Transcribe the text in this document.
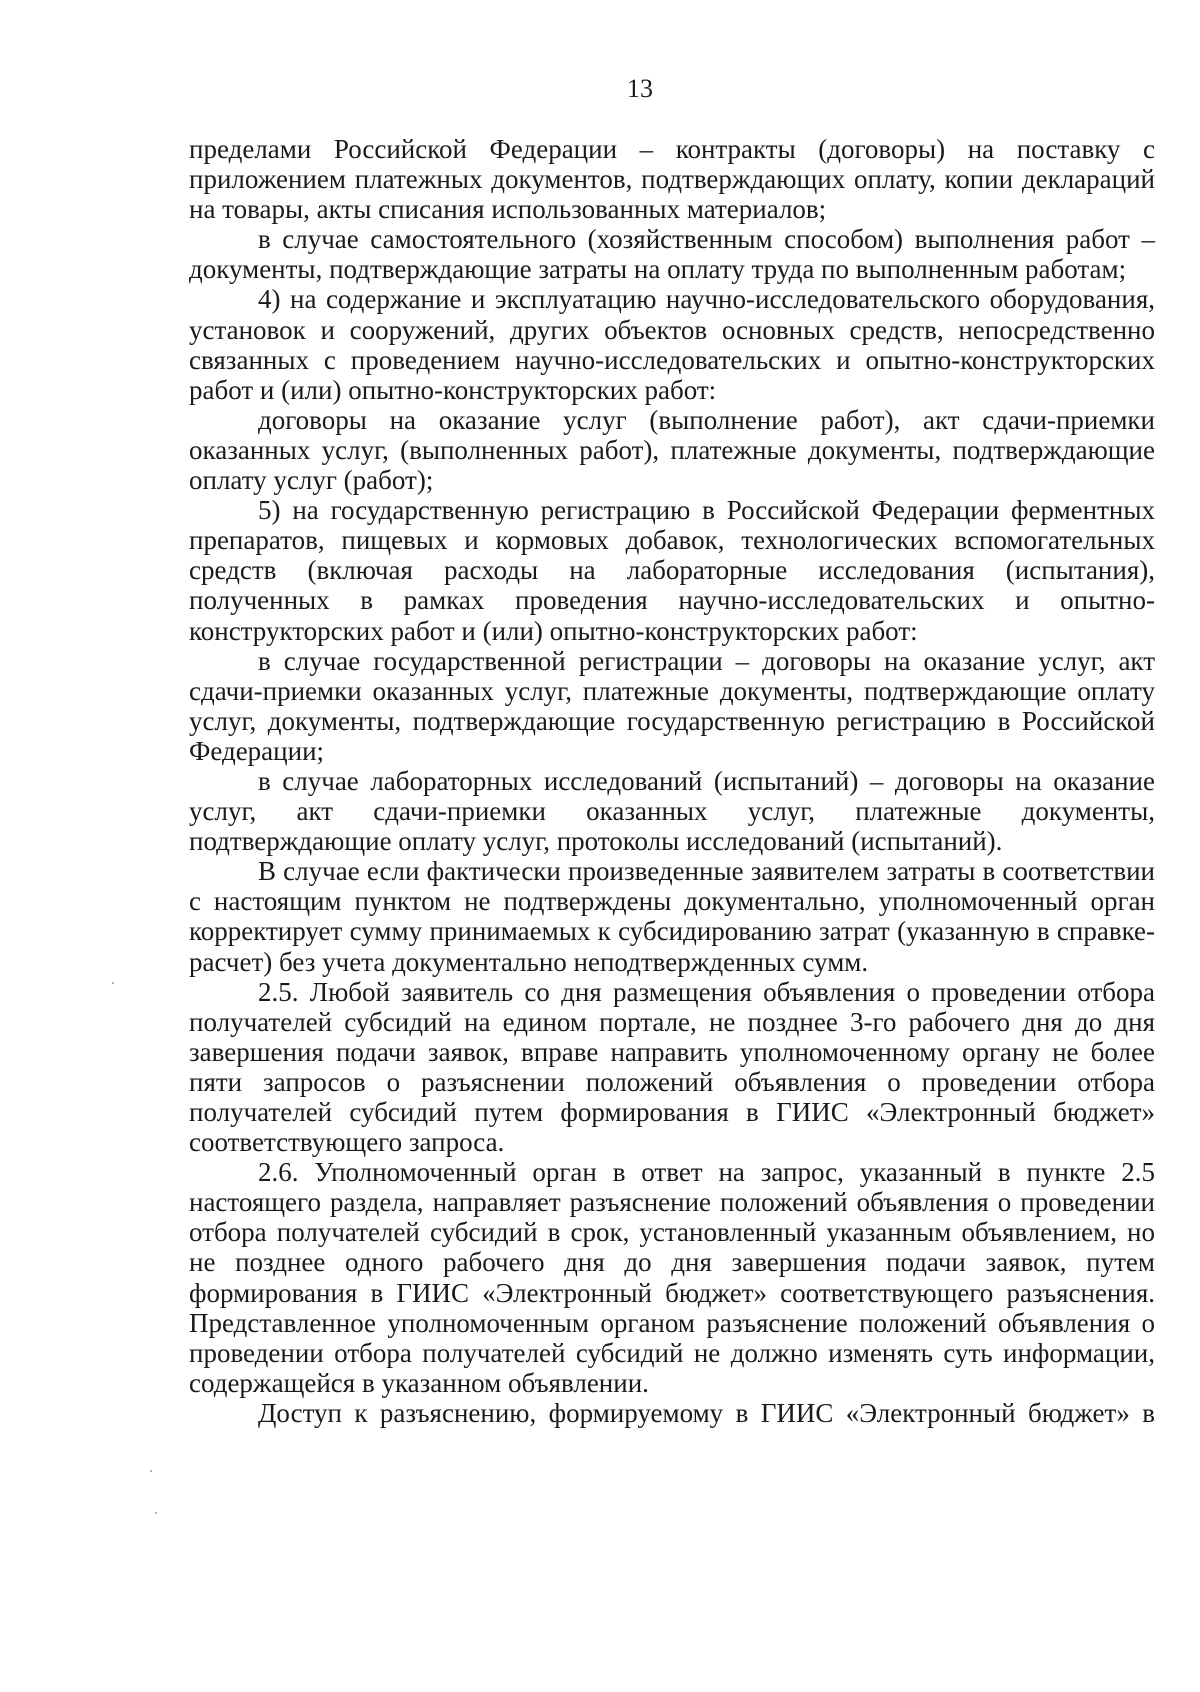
13

пределами Российской Федерации – контракты (договоры) на поставку с приложением платежных документов, подтверждающих оплату, копии деклараций на товары, акты списания использованных материалов;

в случае самостоятельного (хозяйственным способом) выполнения работ – документы, подтверждающие затраты на оплату труда по выполненным работам;

4) на содержание и эксплуатацию научно-исследовательского оборудования, установок и сооружений, других объектов основных средств, непосредственно связанных с проведением научно-исследовательских и опытно-конструкторских работ и (или) опытно-конструкторских работ:

договоры на оказание услуг (выполнение работ), акт сдачи-приемки оказанных услуг, (выполненных работ), платежные документы, подтверждающие оплату услуг (работ);

5) на государственную регистрацию в Российской Федерации ферментных препаратов, пищевых и кормовых добавок, технологических вспомогательных средств (включая расходы на лабораторные исследования (испытания), полученных в рамках проведения научно-исследовательских и опытно-конструкторских работ и (или) опытно-конструкторских работ:

в случае государственной регистрации – договоры на оказание услуг, акт сдачи-приемки оказанных услуг, платежные документы, подтверждающие оплату услуг, документы, подтверждающие государственную регистрацию в Российской Федерации;

в случае лабораторных исследований (испытаний) – договоры на оказание услуг, акт сдачи-приемки оказанных услуг, платежные документы, подтверждающие оплату услуг, протоколы исследований (испытаний).

В случае если фактически произведенные заявителем затраты в соответствии с настоящим пунктом не подтверждены документально, уполномоченный орган корректирует сумму принимаемых к субсидированию затрат (указанную в справке-расчет) без учета документально неподтвержденных сумм.

2.5. Любой заявитель со дня размещения объявления о проведении отбора получателей субсидий на едином портале, не позднее 3-го рабочего дня до дня завершения подачи заявок, вправе направить уполномоченному органу не более пяти запросов о разъяснении положений объявления о проведении отбора получателей субсидий путем формирования в ГИИС «Электронный бюджет» соответствующего запроса.

2.6. Уполномоченный орган в ответ на запрос, указанный в пункте 2.5 настоящего раздела, направляет разъяснение положений объявления о проведении отбора получателей субсидий в срок, установленный указанным объявлением, но не позднее одного рабочего дня до дня завершения подачи заявок, путем формирования в ГИИС «Электронный бюджет» соответствующего разъяснения. Представленное уполномоченным органом разъяснение положений объявления о проведении отбора получателей субсидий не должно изменять суть информации, содержащейся в указанном объявлении.

Доступ к разъяснению, формируемому в ГИИС «Электронный бюджет» в
